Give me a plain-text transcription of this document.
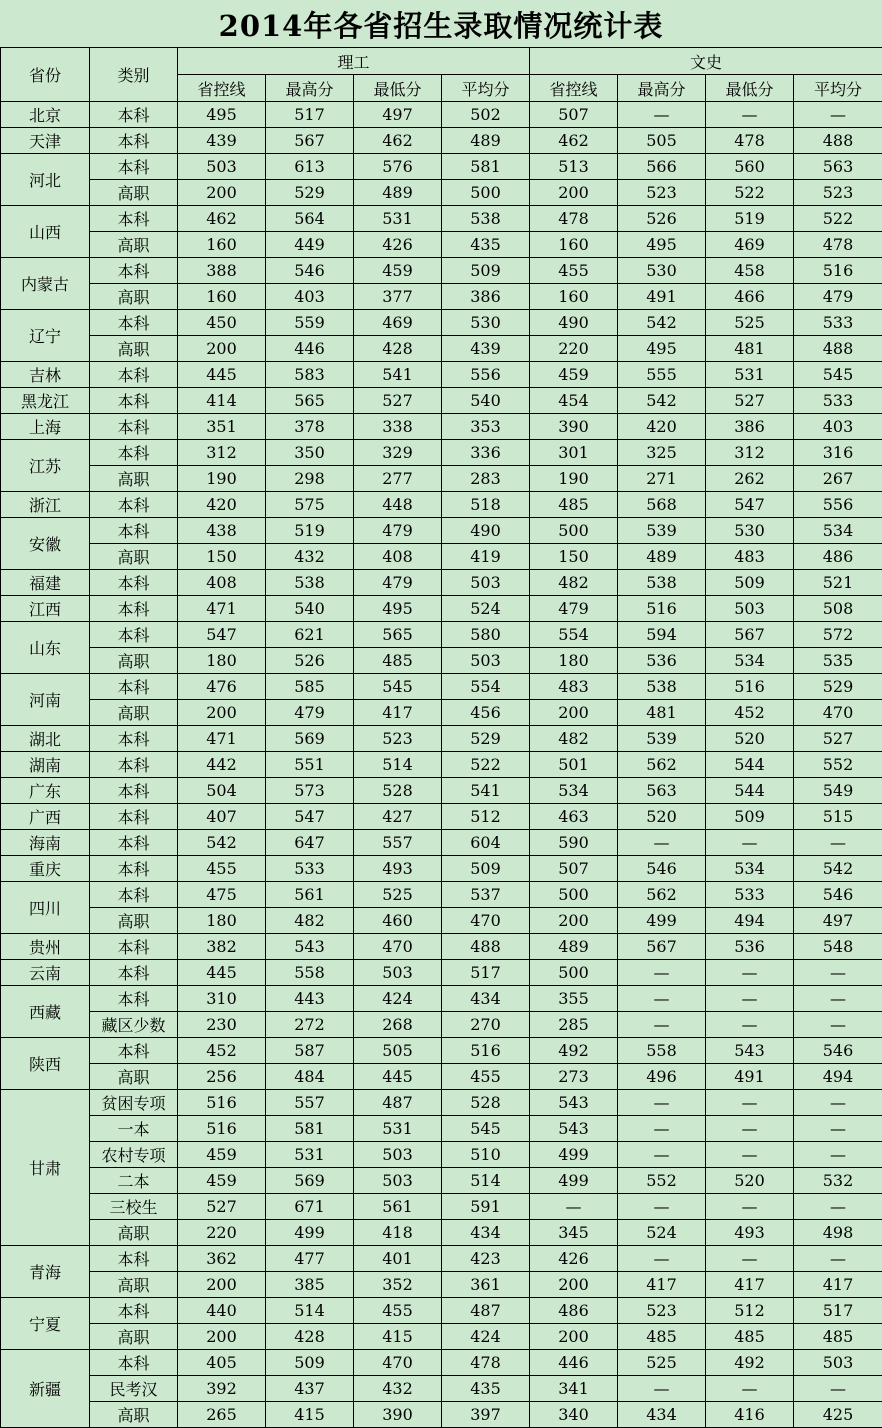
2014年各省招生录取情况统计表
省份	类别	理工				文史			
		省控线	最高分	最低分	平均分	省控线	最高分	最低分	平均分
北京	本科	495	517	497	502	507	—	—	—
天津	本科	439	567	462	489	462	505	478	488
河北	本科	503	613	576	581	513	566	560	563
	高职	200	529	489	500	200	523	522	523
山西	本科	462	564	531	538	478	526	519	522
	高职	160	449	426	435	160	495	469	478
内蒙古	本科	388	546	459	509	455	530	458	516
	高职	160	403	377	386	160	491	466	479
辽宁	本科	450	559	469	530	490	542	525	533
	高职	200	446	428	439	220	495	481	488
吉林	本科	445	583	541	556	459	555	531	545
黑龙江	本科	414	565	527	540	454	542	527	533
上海	本科	351	378	338	353	390	420	386	403
江苏	本科	312	350	329	336	301	325	312	316
	高职	190	298	277	283	190	271	262	267
浙江	本科	420	575	448	518	485	568	547	556
安徽	本科	438	519	479	490	500	539	530	534
	高职	150	432	408	419	150	489	483	486
福建	本科	408	538	479	503	482	538	509	521
江西	本科	471	540	495	524	479	516	503	508
山东	本科	547	621	565	580	554	594	567	572
	高职	180	526	485	503	180	536	534	535
河南	本科	476	585	545	554	483	538	516	529
	高职	200	479	417	456	200	481	452	470
湖北	本科	471	569	523	529	482	539	520	527
湖南	本科	442	551	514	522	501	562	544	552
广东	本科	504	573	528	541	534	563	544	549
广西	本科	407	547	427	512	463	520	509	515
海南	本科	542	647	557	604	590	—	—	—
重庆	本科	455	533	493	509	507	546	534	542
四川	本科	475	561	525	537	500	562	533	546
	高职	180	482	460	470	200	499	494	497
贵州	本科	382	543	470	488	489	567	536	548
云南	本科	445	558	503	517	500	—	—	—
西藏	本科	310	443	424	434	355	—	—	—
	藏区少数	230	272	268	270	285	—	—	—
陕西	本科	452	587	505	516	492	558	543	546
	高职	256	484	445	455	273	496	491	494
甘肃	贫困专项	516	557	487	528	543	—	—	—
	一本	516	581	531	545	543	—	—	—
	农村专项	459	531	503	510	499	—	—	—
	二本	459	569	503	514	499	552	520	532
	三校生	527	671	561	591	—	—	—	—
	高职	220	499	418	434	345	524	493	498
青海	本科	362	477	401	423	426	—	—	—
	高职	200	385	352	361	200	417	417	417
宁夏	本科	440	514	455	487	486	523	512	517
	高职	200	428	415	424	200	485	485	485
新疆	本科	405	509	470	478	446	525	492	503
	民考汉	392	437	432	435	341	—	—	—
	高职	265	415	390	397	340	434	416	425
